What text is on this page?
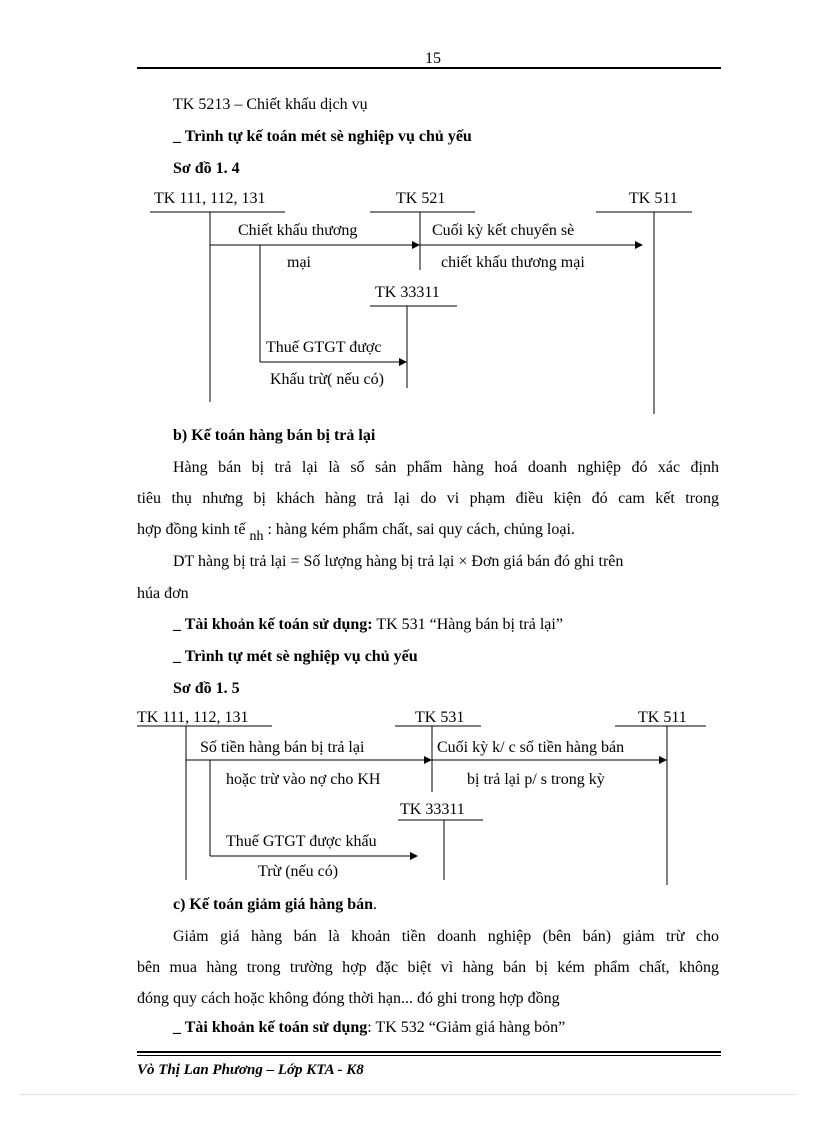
15
TK 5213 – Chiết khấu dịch vụ
_ Trình tự kế toán mét sè nghiệp vụ chủ yếu
Sơ đồ 1. 4
TK 111, 112, 131	TK 521	TK 511
TK 33311
Chiết khấu thương
mại
Cuối kỳ kết chuyển sè
chiết khấu thương mại
Thuế GTGT được
Khấu trừ( nếu có)
b) Kế toán hàng bán bị trả lại
Hàng bán bị trả lại là số sản phẩm hàng hoá doanh nghiệp đó xác định
tiêu thụ nhưng bị khách hàng trả lại do vi phạm điều kiện đó cam kết trong
hợp đồng kinh tế nh : hàng kém phẩm chất, sai quy cách, chủng loại.
DT hàng bị trả lại = Số lượng hàng bị trả lại × Đơn giá bán đó ghi trên
húa đơn
_ Tài khoản kế toán sử dụng: TK 531 “Hàng bán bị trả lại”
_ Trình tự mét sè nghiệp vụ chủ yếu
Sơ đồ 1. 5
TK 111, 112, 131	TK 531	TK 511
TK 33311
Số tiền hàng bán bị trả lại
hoặc trừ vào nợ cho KH
Cuối kỳ k/ c số tiền hàng bán
bị trả lại p/ s trong kỳ
Thuế GTGT được khấu
Trừ (nếu có)
c) Kế toán giảm giá hàng bán.
Giảm giá hàng bán là khoản tiền doanh nghiệp (bên bán) giảm trừ cho
bên mua hàng trong trường hợp đặc biệt vì hàng bán bị kém phẩm chất, không
đóng quy cách hoặc không đóng thời hạn... đó ghi trong hợp đồng
_ Tài khoản kế toán sử dụng: TK 532 “Giảm giá hàng bỏn”
Vò Thị Lan Phương – Lớp KTA - K8
